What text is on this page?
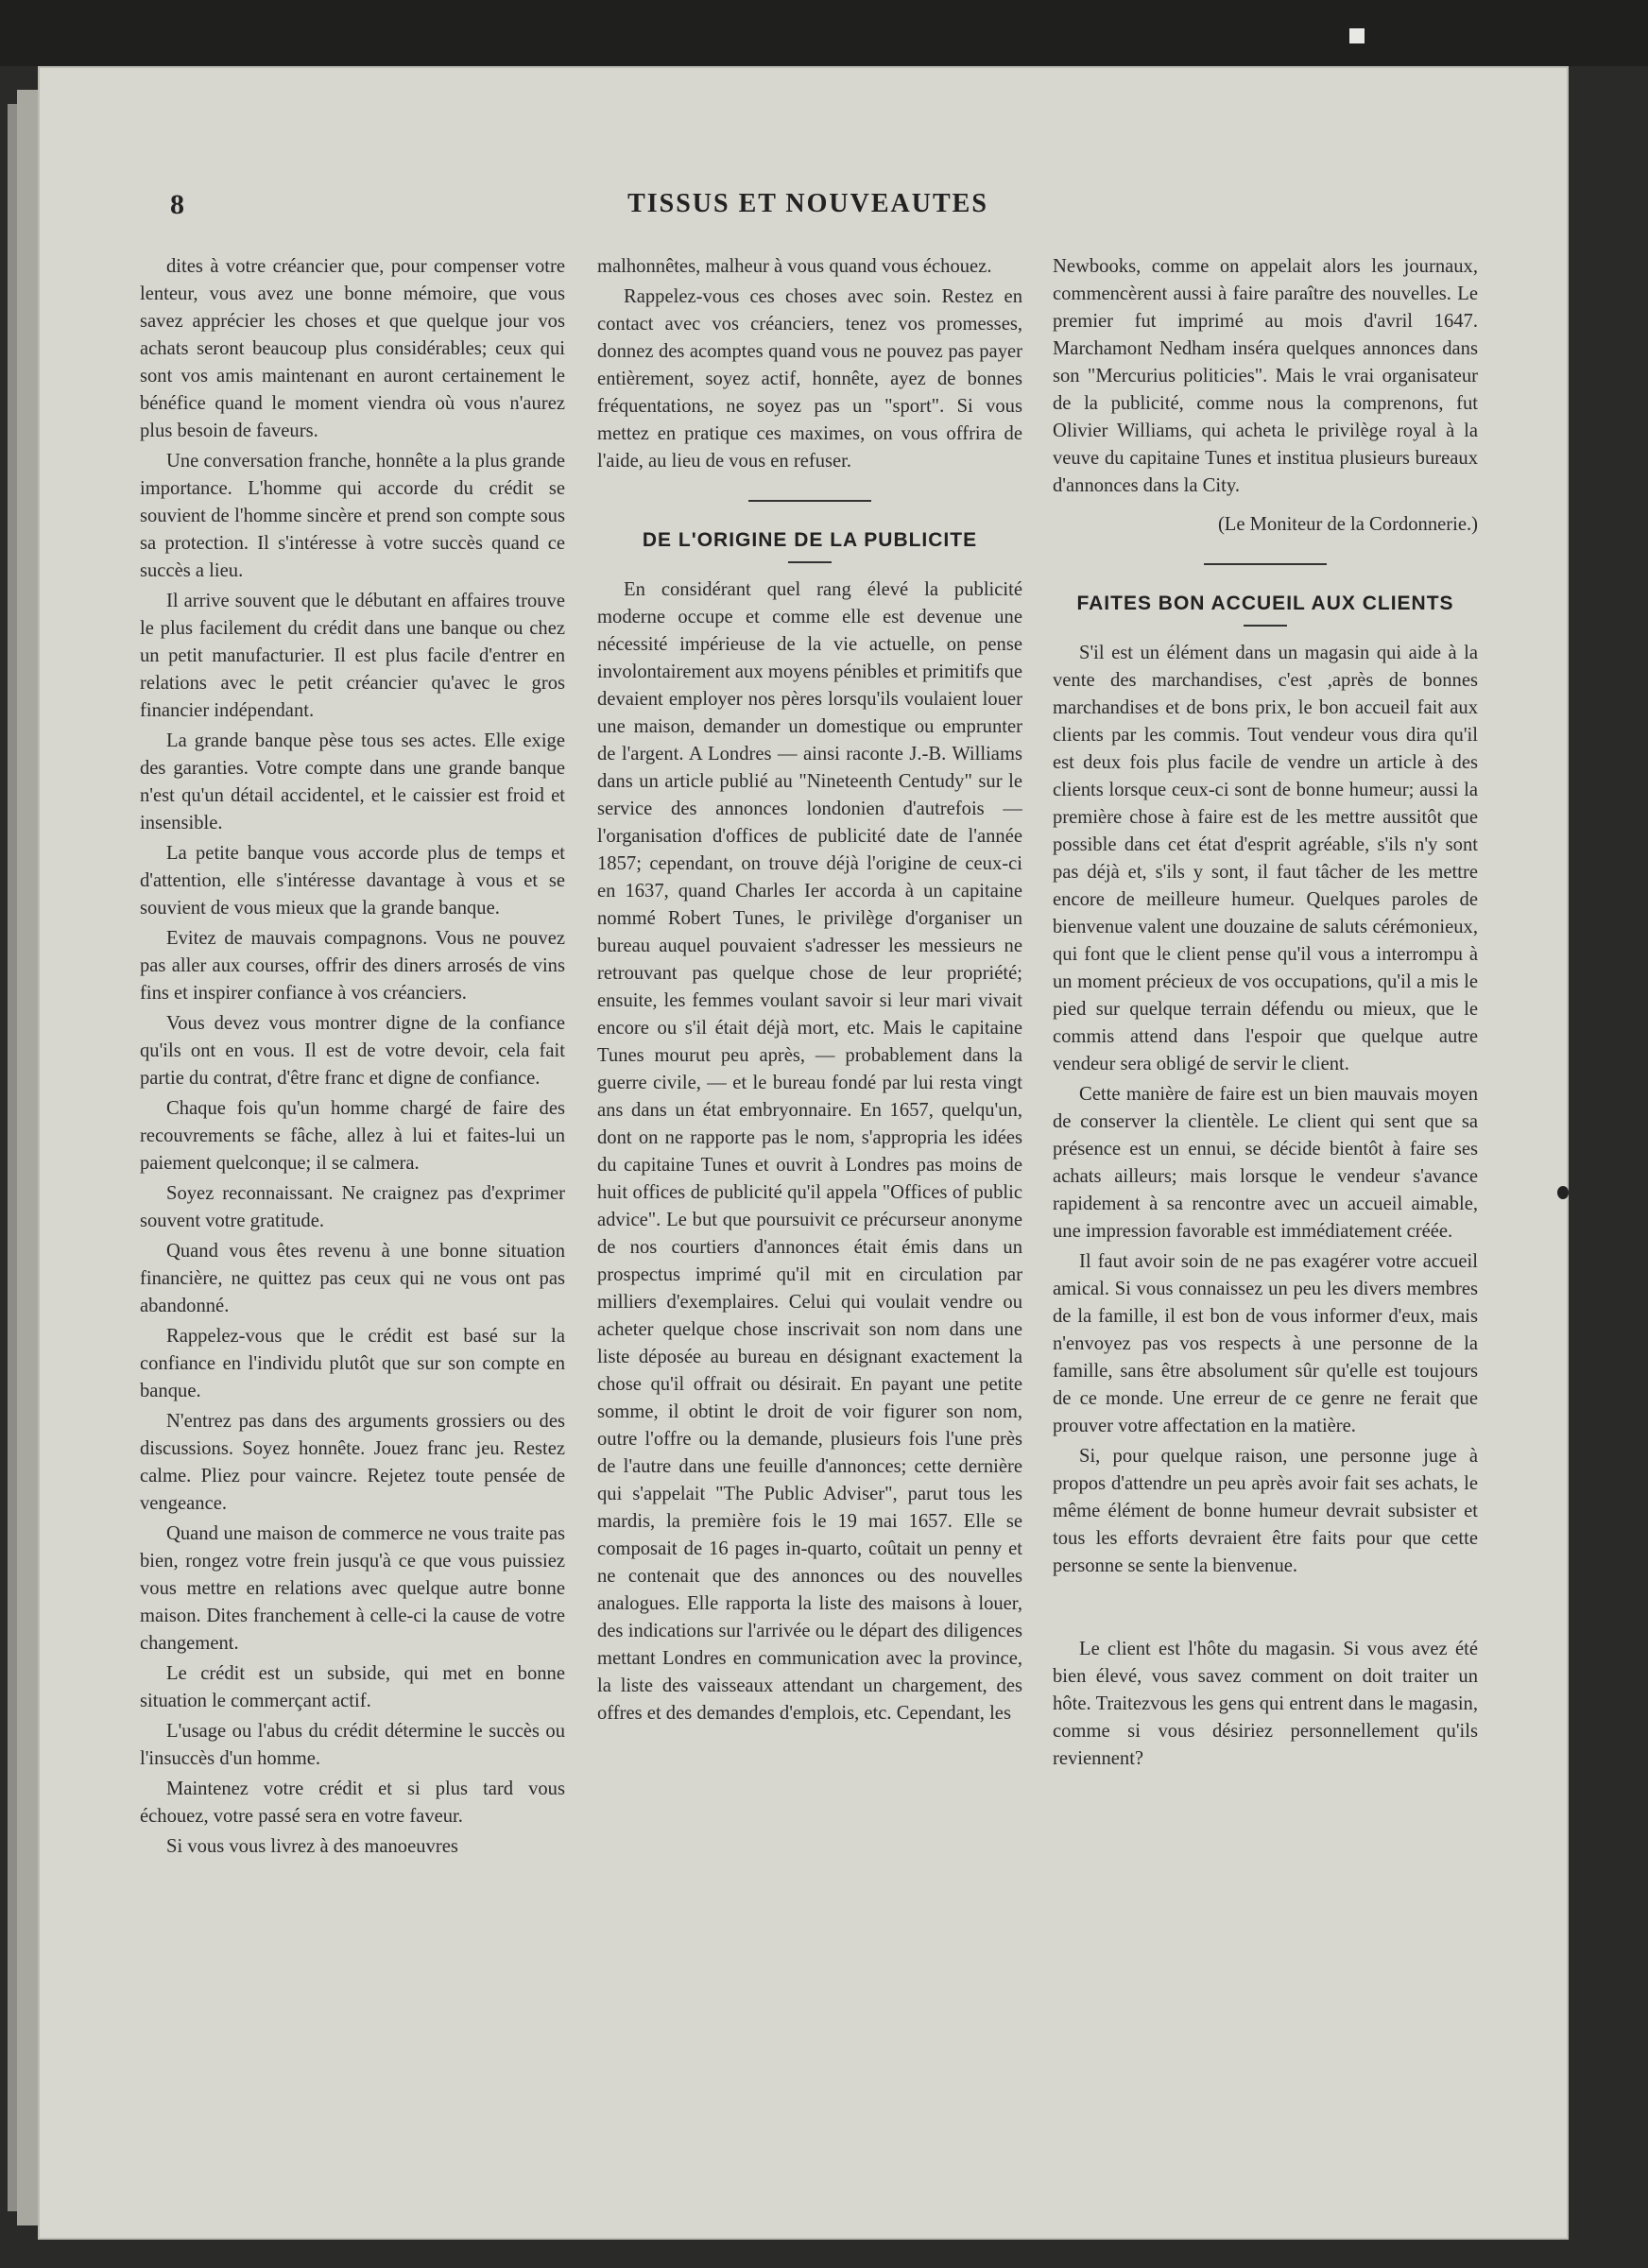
8	TISSUS ET NOUVEAUTES

dites à votre créancier que, pour compenser votre lenteur, vous avez une bonne mémoire, que vous savez apprécier les choses et que quelque jour vos achats seront beaucoup plus considérables; ceux qui sont vos amis maintenant en auront certainement le bénéfice quand le moment viendra où vous n'aurez plus besoin de faveurs.

Une conversation franche, honnête a la plus grande importance. L'homme qui accorde du crédit se souvient de l'homme sincère et prend son compte sous sa protection. Il s'intéresse à votre succès quand ce succès a lieu.

Il arrive souvent que le débutant en affaires trouve le plus facilement du crédit dans une banque ou chez un petit manufacturier. Il est plus facile d'entrer en relations avec le petit créancier qu'avec le gros financier indépendant.

La grande banque pèse tous ses actes. Elle exige des garanties. Votre compte dans une grande banque n'est qu'un détail accidentel, et le caissier est froid et insensible.

La petite banque vous accorde plus de temps et d'attention, elle s'intéresse davantage à vous et se souvient de vous mieux que la grande banque.

Evitez de mauvais compagnons. Vous ne pouvez pas aller aux courses, offrir des diners arrosés de vins fins et inspirer confiance à vos créanciers.

Vous devez vous montrer digne de la confiance qu'ils ont en vous. Il est de votre devoir, cela fait partie du contrat, d'être franc et digne de confiance.

Chaque fois qu'un homme chargé de faire des recouvrements se fâche, allez à lui et faites-lui un paiement quelconque; il se calmera.

Soyez reconnaissant. Ne craignez pas d'exprimer souvent votre gratitude.

Quand vous êtes revenu à une bonne situation financière, ne quittez pas ceux qui ne vous ont pas abandonné.

Rappelez-vous que le crédit est basé sur la confiance en l'individu plutôt que sur son compte en banque.

N'entrez pas dans des arguments grossiers ou des discussions. Soyez honnête. Jouez franc jeu. Restez calme. Pliez pour vaincre. Rejetez toute pensée de vengeance.

Quand une maison de commerce ne vous traite pas bien, rongez votre frein jusqu'à ce que vous puissiez vous mettre en relations avec quelque autre bonne maison. Dites franchement à celle-ci la cause de votre changement.

Le crédit est un subside, qui met en bonne situation le commerçant actif.

L'usage ou l'abus du crédit détermine le succès ou l'insuccès d'un homme.

Maintenez votre crédit et si plus tard vous échouez, votre passé sera en votre faveur.

Si vous vous livrez à des manoeuvres

malhonnêtes, malheur à vous quand vous échouez.

Rappelez-vous ces choses avec soin. Restez en contact avec vos créanciers, tenez vos promesses, donnez des acomptes quand vous ne pouvez pas payer entièrement, soyez actif, honnête, ayez de bonnes fréquentations, ne soyez pas un "sport". Si vous mettez en pratique ces maximes, on vous offrira de l'aide, au lieu de vous en refuser.

DE L'ORIGINE DE LA PUBLICITE

En considérant quel rang élevé la publicité moderne occupe et comme elle est devenue une nécessité impérieuse de la vie actuelle, on pense involontairement aux moyens pénibles et primitifs que devaient employer nos pères lorsqu'ils voulaient louer une maison, demander un domestique ou emprunter de l'argent. A Londres — ainsi raconte J.-B. Williams dans un article publié au "Nineteenth Centudy" sur le service des annonces londonien d'autrefois — l'organisation d'offices de publicité date de l'année 1857; cependant, on trouve déjà l'origine de ceux-ci en 1637, quand Charles Ier accorda à un capitaine nommé Robert Tunes, le privilège d'organiser un bureau auquel pouvaient s'adresser les messieurs ne retrouvant pas quelque chose de leur propriété; ensuite, les femmes voulant savoir si leur mari vivait encore ou s'il était déjà mort, etc. Mais le capitaine Tunes mourut peu après, — probablement dans la guerre civile, — et le bureau fondé par lui resta vingt ans dans un état embryonnaire. En 1657, quelqu'un, dont on ne rapporte pas le nom, s'appropria les idées du capitaine Tunes et ouvrit à Londres pas moins de huit offices de publicité qu'il appela "Offices of public advice". Le but que poursuivit ce précurseur anonyme de nos courtiers d'annonces était émis dans un prospectus imprimé qu'il mit en circulation par milliers d'exemplaires. Celui qui voulait vendre ou acheter quelque chose inscrivait son nom dans une liste déposée au bureau en désignant exactement la chose qu'il offrait ou désirait. En payant une petite somme, il obtint le droit de voir figurer son nom, outre l'offre ou la demande, plusieurs fois l'une près de l'autre dans une feuille d'annonces; cette dernière qui s'appelait "The Public Adviser", parut tous les mardis, la première fois le 19 mai 1657. Elle se composait de 16 pages in-quarto, coûtait un penny et ne contenait que des annonces ou des nouvelles analogues. Elle rapporta la liste des maisons à louer, des indications sur l'arrivée ou le départ des diligences mettant Londres en communication avec la province, la liste des vaisseaux attendant un chargement, des offres et des demandes d'emplois, etc. Cependant, les

Newbooks, comme on appelait alors les journaux, commencèrent aussi à faire paraître des nouvelles. Le premier fut imprimé au mois d'avril 1647. Marchamont Nedham inséra quelques annonces dans son "Mercurius politicies". Mais le vrai organisateur de la publicité, comme nous la comprenons, fut Olivier Williams, qui acheta le privilège royal à la veuve du capitaine Tunes et institua plusieurs bureaux d'annonces dans la City.

(Le Moniteur de la Cordonnerie.)

FAITES BON ACCUEIL AUX CLIENTS

S'il est un élément dans un magasin qui aide à la vente des marchandises, c'est ,après de bonnes marchandises et de bons prix, le bon accueil fait aux clients par les commis. Tout vendeur vous dira qu'il est deux fois plus facile de vendre un article à des clients lorsque ceux-ci sont de bonne humeur; aussi la première chose à faire est de les mettre aussitôt que possible dans cet état d'esprit agréable, s'ils n'y sont pas déjà et, s'ils y sont, il faut tâcher de les mettre encore de meilleure humeur. Quelques paroles de bienvenue valent une douzaine de saluts cérémonieux, qui font que le client pense qu'il vous a interrompu à un moment précieux de vos occupations, qu'il a mis le pied sur quelque terrain défendu ou mieux, que le commis attend dans l'espoir que quelque autre vendeur sera obligé de servir le client.

Cette manière de faire est un bien mauvais moyen de conserver la clientèle. Le client qui sent que sa présence est un ennui, se décide bientôt à faire ses achats ailleurs; mais lorsque le vendeur s'avance rapidement à sa rencontre avec un accueil aimable, une impression favorable est immédiatement créée.

Il faut avoir soin de ne pas exagérer votre accueil amical. Si vous connaissez un peu les divers membres de la famille, il est bon de vous informer d'eux, mais n'envoyez pas vos respects à une personne de la famille, sans être absolument sûr qu'elle est toujours de ce monde. Une erreur de ce genre ne ferait que prouver votre affectation en la matière.

Si, pour quelque raison, une personne juge à propos d'attendre un peu après avoir fait ses achats, le même élément de bonne humeur devrait subsister et tous les efforts devraient être faits pour que cette personne se sente la bienvenue.

Le client est l'hôte du magasin. Si vous avez été bien élevé, vous savez comment on doit traiter un hôte. Traitezvous les gens qui entrent dans le magasin, comme si vous désiriez personnellement qu'ils reviennent?
